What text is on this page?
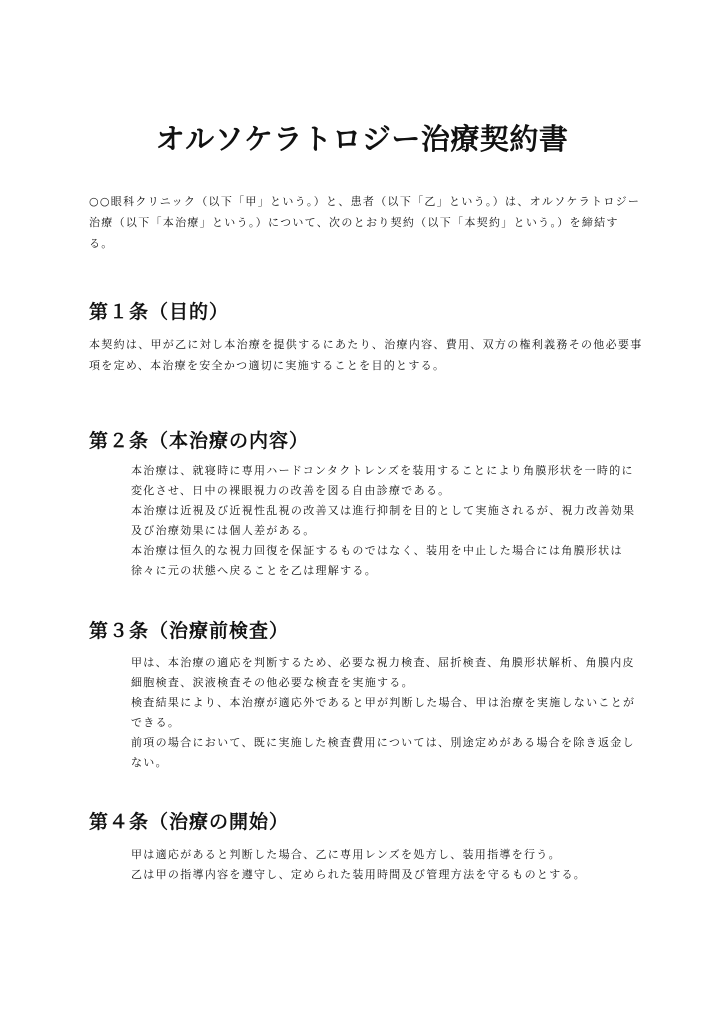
オルソケラトロジー治療契約書

○○眼科クリニック（以下「甲」という。）と、患者（以下「乙」という。）は、オルソケラトロジー治療（以下「本治療」という。）について、次のとおり契約（以下「本契約」という。）を締結する。

第１条（目的）

本契約は、甲が乙に対し本治療を提供するにあたり、治療内容、費用、双方の権利義務その他必要事項を定め、本治療を安全かつ適切に実施することを目的とする。

第２条（本治療の内容）
本治療は、就寝時に専用ハードコンタクトレンズを装用することにより角膜形状を一時的に変化させ、日中の裸眼視力の改善を図る自由診療である。
本治療は近視及び近視性乱視の改善又は進行抑制を目的として実施されるが、視力改善効果及び治療効果には個人差がある。
本治療は恒久的な視力回復を保証するものではなく、装用を中止した場合には角膜形状は徐々に元の状態へ戻ることを乙は理解する。
第３条（治療前検査）
甲は、本治療の適応を判断するため、必要な視力検査、屈折検査、角膜形状解析、角膜内皮細胞検査、涙液検査その他必要な検査を実施する。
検査結果により、本治療が適応外であると甲が判断した場合、甲は治療を実施しないことができる。
前項の場合において、既に実施した検査費用については、別途定めがある場合を除き返金しない。
第４条（治療の開始）
甲は適応があると判断した場合、乙に専用レンズを処方し、装用指導を行う。
乙は甲の指導内容を遵守し、定められた装用時間及び管理方法を守るものとする。
